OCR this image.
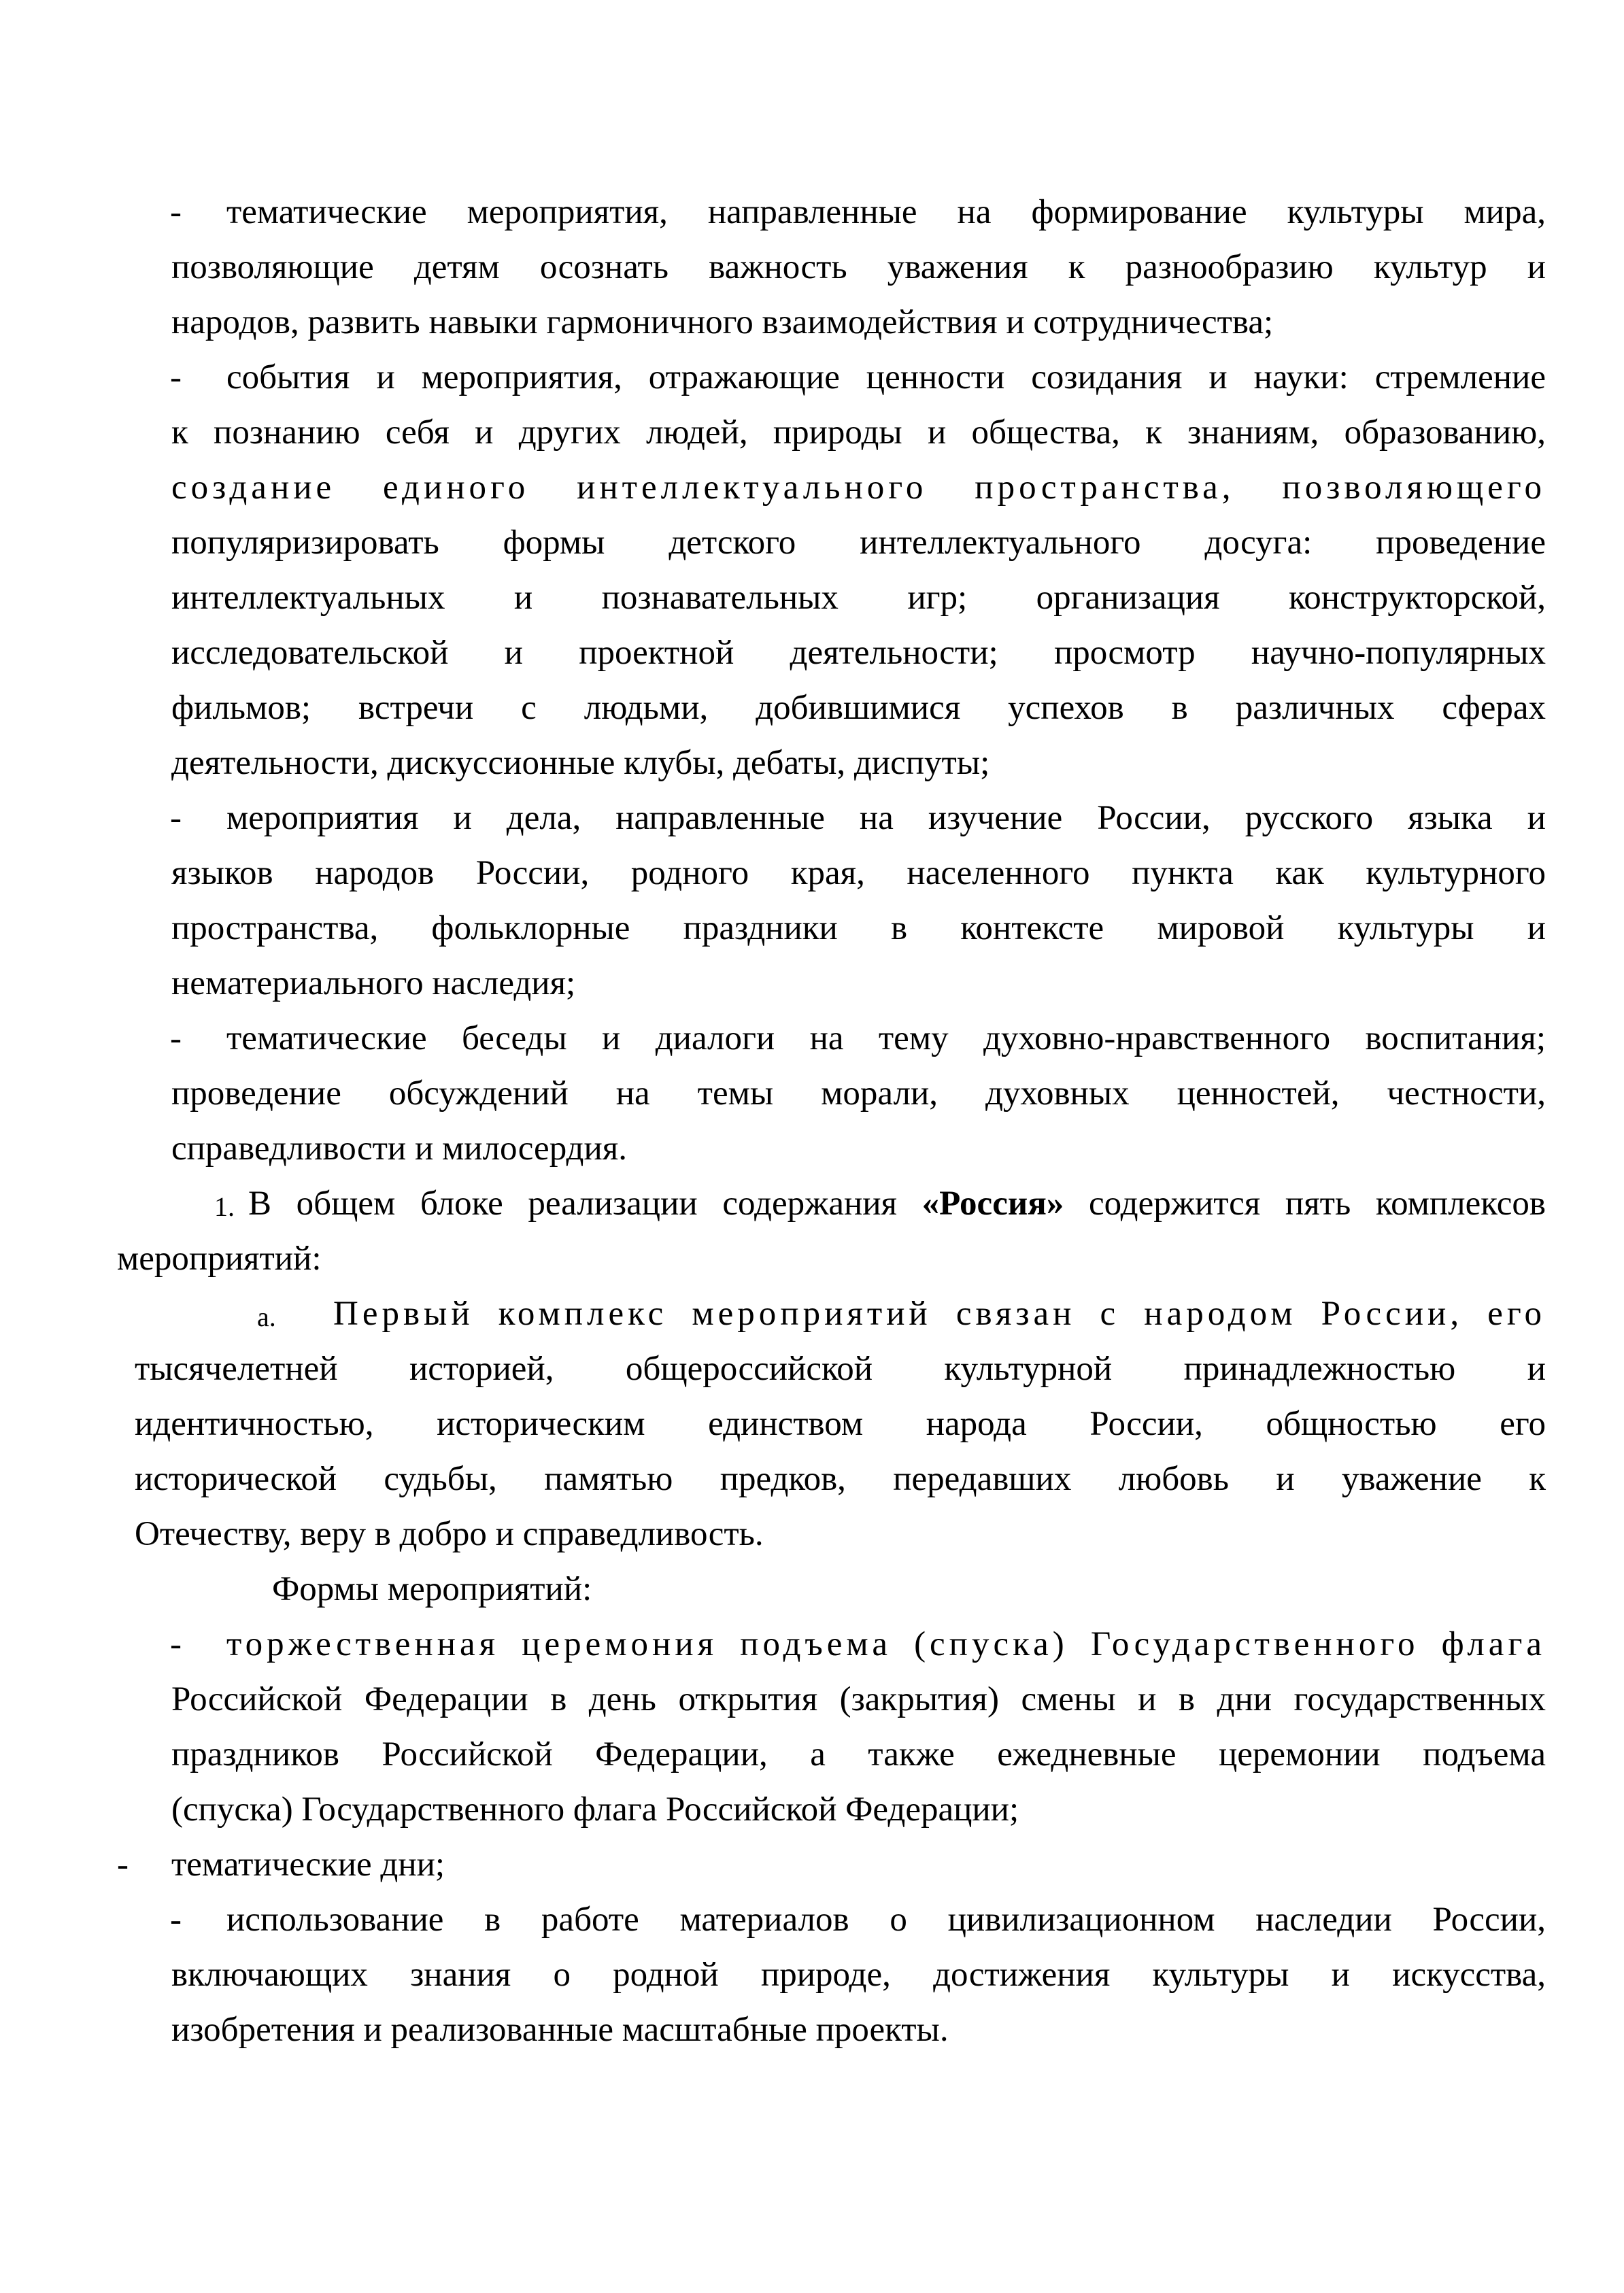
- тематические мероприятия, направленные на формирование культуры мира,
позволяющие детям осознать важность уважения к разнообразию культур и
народов, развить навыки гармоничного взаимодействия и сотрудничества;
- события и мероприятия, отражающие ценности созидания и науки: стремление
к познанию себя и других людей, природы и общества, к знаниям, образованию,
создание единого интеллектуального пространства, позволяющего
популяризировать формы детского интеллектуального досуга: проведение
интеллектуальных и познавательных игр; организация конструкторской,
исследовательской и проектной деятельности; просмотр научно-популярных
фильмов; встречи с людьми, добившимися успехов в различных сферах
деятельности, дискуссионные клубы, дебаты, диспуты;
- мероприятия и дела, направленные на изучение России, русского языка и
языков народов России, родного края, населенного пункта как культурного
пространства, фольклорные праздники в контексте мировой культуры и
нематериального наследия;
- тематические беседы и диалоги на тему духовно-нравственного воспитания;
проведение обсуждений на темы морали, духовных ценностей, честности,
справедливости и милосердия.
1. В общем блоке реализации содержания «Россия» содержится пять комплексов
мероприятий:
a. Первый комплекс мероприятий связан с народом России, его
тысячелетней историей, общероссийской культурной принадлежностью и
идентичностью, историческим единством народа России, общностью его
исторической судьбы, памятью предков, передавших любовь и уважение к
Отечеству, веру в добро и справедливость.
Формы мероприятий:
- торжественная церемония подъема (спуска) Государственного флага
Российской Федерации в день открытия (закрытия) смены и в дни государственных
праздников Российской Федерации, а также ежедневные церемонии подъема
(спуска) Государственного флага Российской Федерации;
- тематические дни;
- использование в работе материалов о цивилизационном наследии России,
включающих знания о родной природе, достижения культуры и искусства,
изобретения и реализованные масштабные проекты.
